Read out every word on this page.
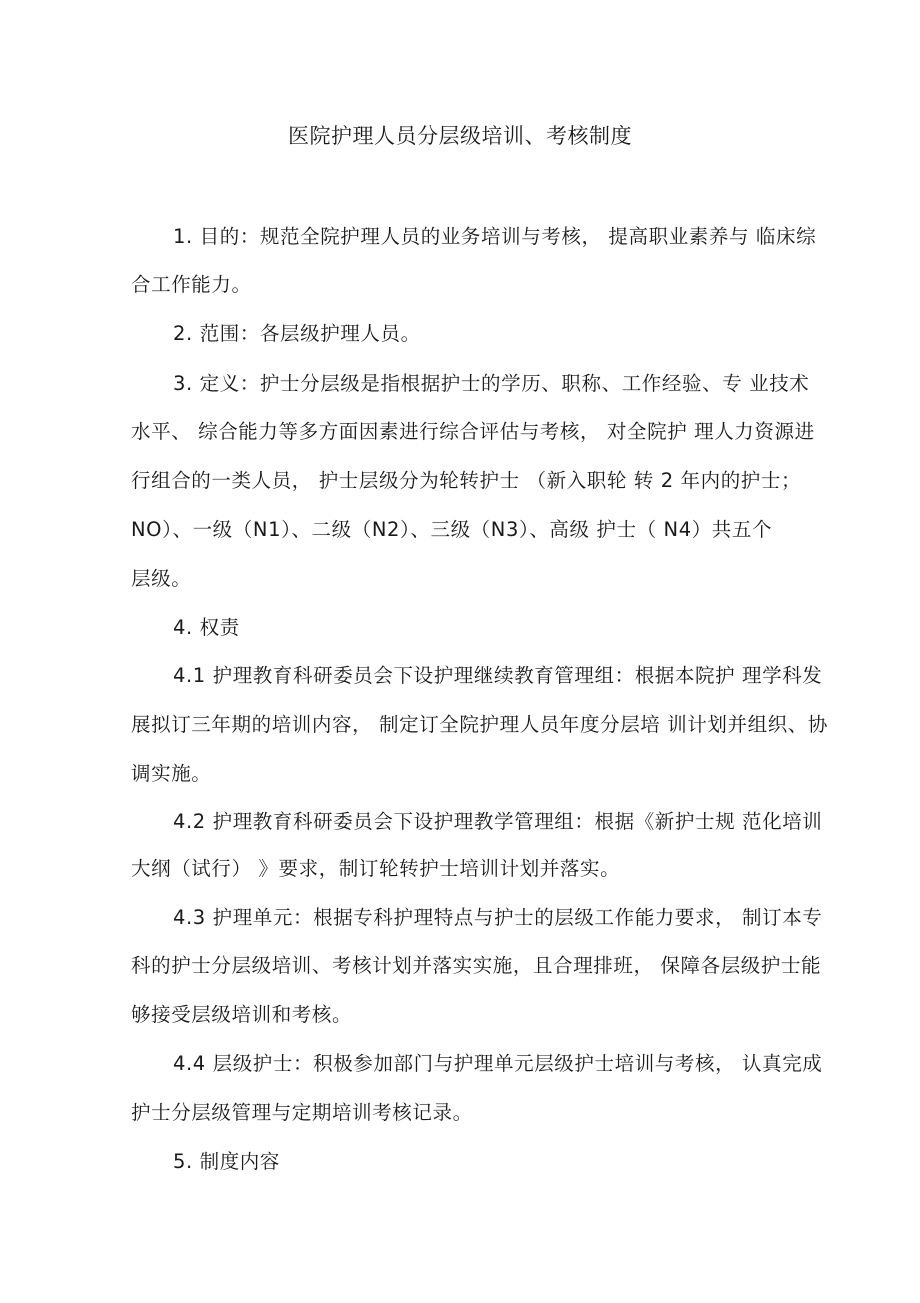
医院护理人员分层级培训、考核制度
1. 目的：规范全院护理人员的业务培训与考核， 提高职业素养与 临床综
合工作能力。
2. 范围：各层级护理人员。
3. 定义：护士分层级是指根据护士的学历、职称、工作经验、专 业技术
水平、 综合能力等多方面因素进行综合评估与考核， 对全院护 理人力资源进
行组合的一类人员， 护士层级分为轮转护士 （新入职轮 转 2 年内的护士；
NO）、一级（N1）、二级（N2）、三级（N3）、高级 护士（ N4）共五个
层级。
4. 权责
4.1 护理教育科研委员会下设护理继续教育管理组：根据本院护 理学科发
展拟订三年期的培训内容， 制定订全院护理人员年度分层培 训计划并组织、协
调实施。
4.2 护理教育科研委员会下设护理教学管理组：根据《新护士规 范化培训
大纲（试行） 》要求，制订轮转护士培训计划并落实。
4.3 护理单元：根据专科护理特点与护士的层级工作能力要求， 制订本专
科的护士分层级培训、考核计划并落实实施，且合理排班， 保障各层级护士能
够接受层级培训和考核。
4.4 层级护士：积极参加部门与护理单元层级护士培训与考核， 认真完成
护士分层级管理与定期培训考核记录。
5. 制度内容
